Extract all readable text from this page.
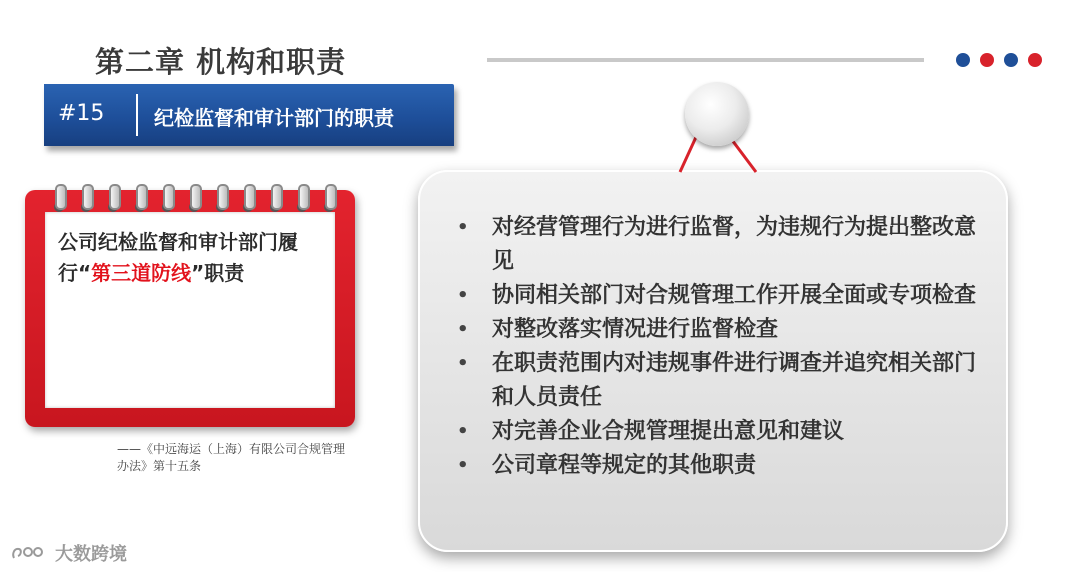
第二章 机构和职责
#15 纪检监督和审计部门的职责
公司纪检监督和审计部门履行“第三道防线”职责
——《中远海运（上海）有限公司合规管理
办法》第十五条
• 对经营管理行为进行监督，为违规行为提出整改意见
• 协同相关部门对合规管理工作开展全面或专项检查
• 对整改落实情况进行监督检查
• 在职责范围内对违规事件进行调查并追究相关部门和人员责任
• 对完善企业合规管理提出意见和建议
• 公司章程等规定的其他职责
大数跨境
